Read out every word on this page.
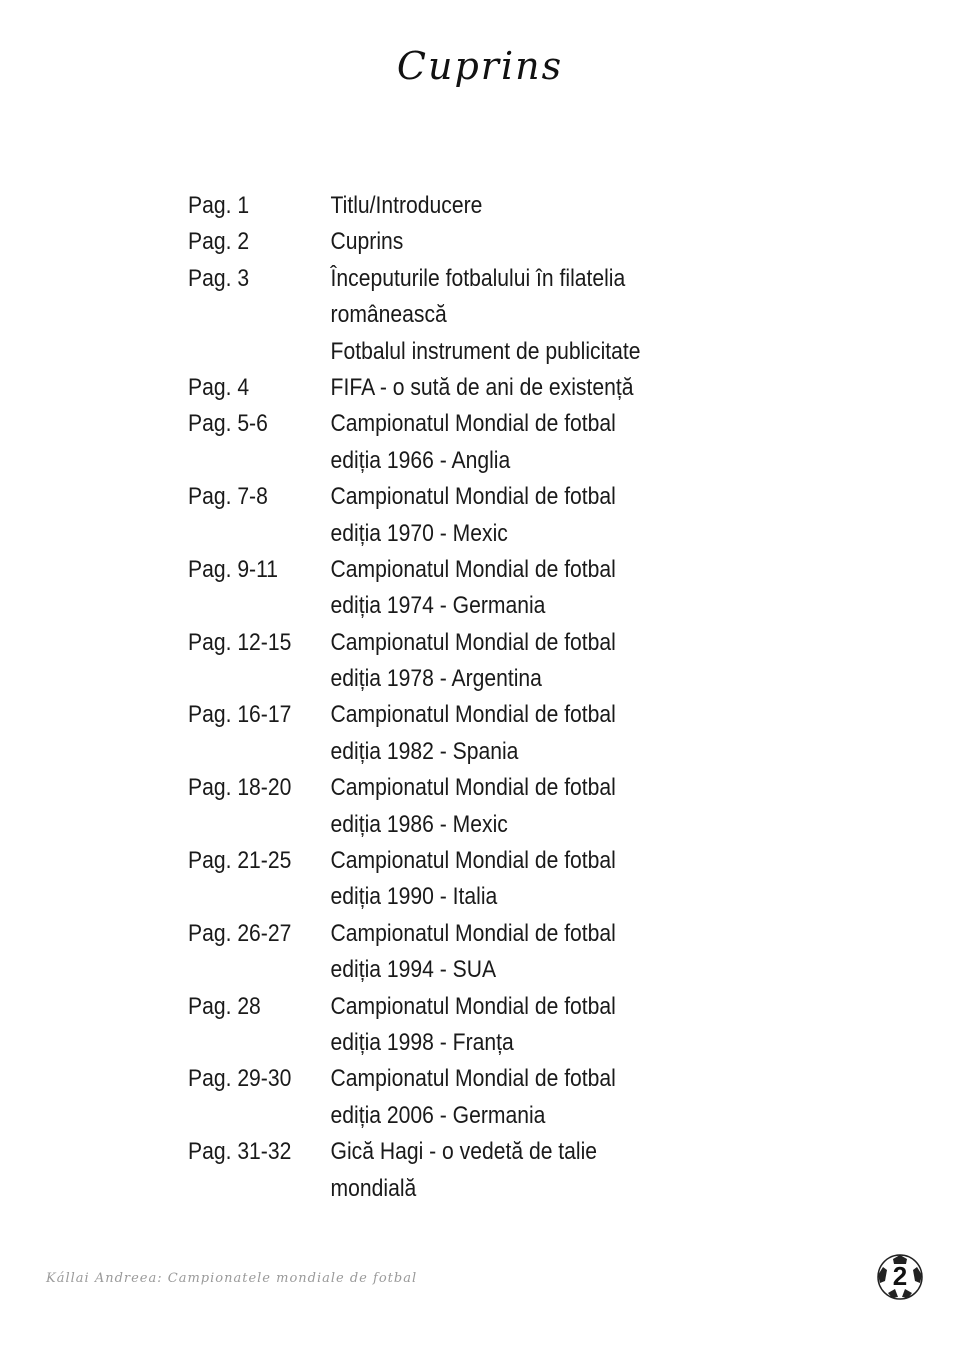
Cuprins
Pag. 1	Titlu/Introducere
Pag. 2	Cuprins
Pag. 3	Începuturile fotbalului în filatelia
românească
Fotbalul instrument de publicitate
Pag. 4	FIFA - o sută de ani de existență
Pag. 5-6	Campionatul Mondial de fotbal
ediția 1966 - Anglia
Pag. 7-8	Campionatul Mondial de fotbal
ediția 1970 - Mexic
Pag. 9-11 Campionatul Mondial de fotbal
ediția 1974 - Germania
Pag. 12-15 Campionatul Mondial de fotbal
ediția 1978 - Argentina
Pag. 16-17 Campionatul Mondial de fotbal
ediția 1982 - Spania
Pag. 18-20 Campionatul Mondial de fotbal
ediția 1986 - Mexic
Pag. 21-25 Campionatul Mondial de fotbal
ediția 1990 - Italia
Pag. 26-27 Campionatul Mondial de fotbal
ediția 1994 - SUA
Pag. 28	Campionatul Mondial de fotbal
ediția 1998 - Franța
Pag. 29-30 Campionatul Mondial de fotbal
ediția 2006 - Germania
Pag. 31-32 Gică Hagi - o vedetă de talie
mondială
Kállai Andreea: Campionatele mondiale de fotbal	2
